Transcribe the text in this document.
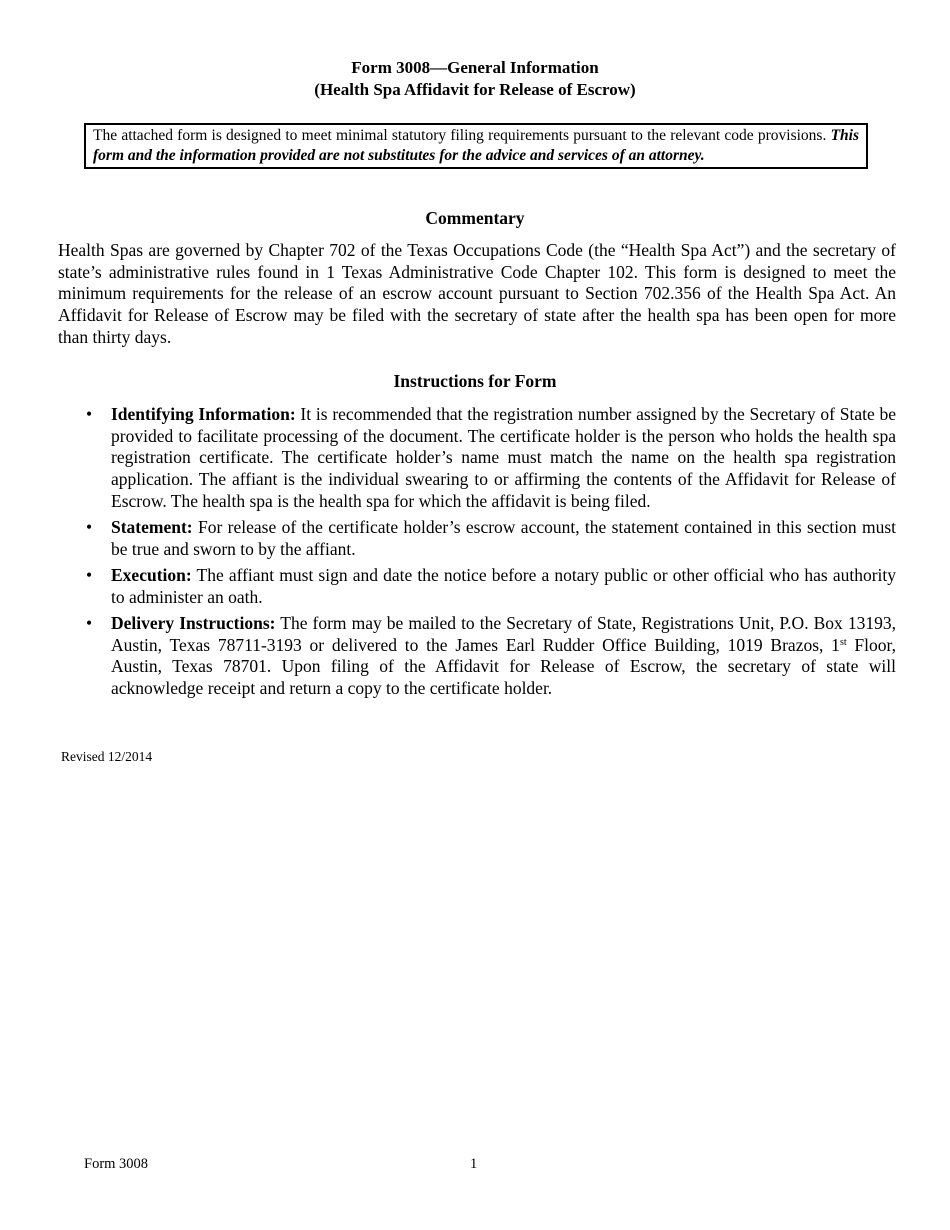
Form 3008—General Information
(Health Spa Affidavit for Release of Escrow)
The attached form is designed to meet minimal statutory filing requirements pursuant to the relevant code provisions. This form and the information provided are not substitutes for the advice and services of an attorney.
Commentary
Health Spas are governed by Chapter 702 of the Texas Occupations Code (the “Health Spa Act”) and the secretary of state’s administrative rules found in 1 Texas Administrative Code Chapter 102. This form is designed to meet the minimum requirements for the release of an escrow account pursuant to Section 702.356 of the Health Spa Act. An Affidavit for Release of Escrow may be filed with the secretary of state after the health spa has been open for more than thirty days.
Instructions for Form
• Identifying Information: It is recommended that the registration number assigned by the Secretary of State be provided to facilitate processing of the document. The certificate holder is the person who holds the health spa registration certificate. The certificate holder’s name must match the name on the health spa registration application. The affiant is the individual swearing to or affirming the contents of the Affidavit for Release of Escrow. The health spa is the health spa for which the affidavit is being filed.
• Statement: For release of the certificate holder’s escrow account, the statement contained in this section must be true and sworn to by the affiant.
• Execution: The affiant must sign and date the notice before a notary public or other official who has authority to administer an oath.
• Delivery Instructions: The form may be mailed to the Secretary of State, Registrations Unit, P.O. Box 13193, Austin, Texas 78711-3193 or delivered to the James Earl Rudder Office Building, 1019 Brazos, 1st Floor, Austin, Texas 78701. Upon filing of the Affidavit for Release of Escrow, the secretary of state will acknowledge receipt and return a copy to the certificate holder.
Revised 12/2014
Form 3008	1
